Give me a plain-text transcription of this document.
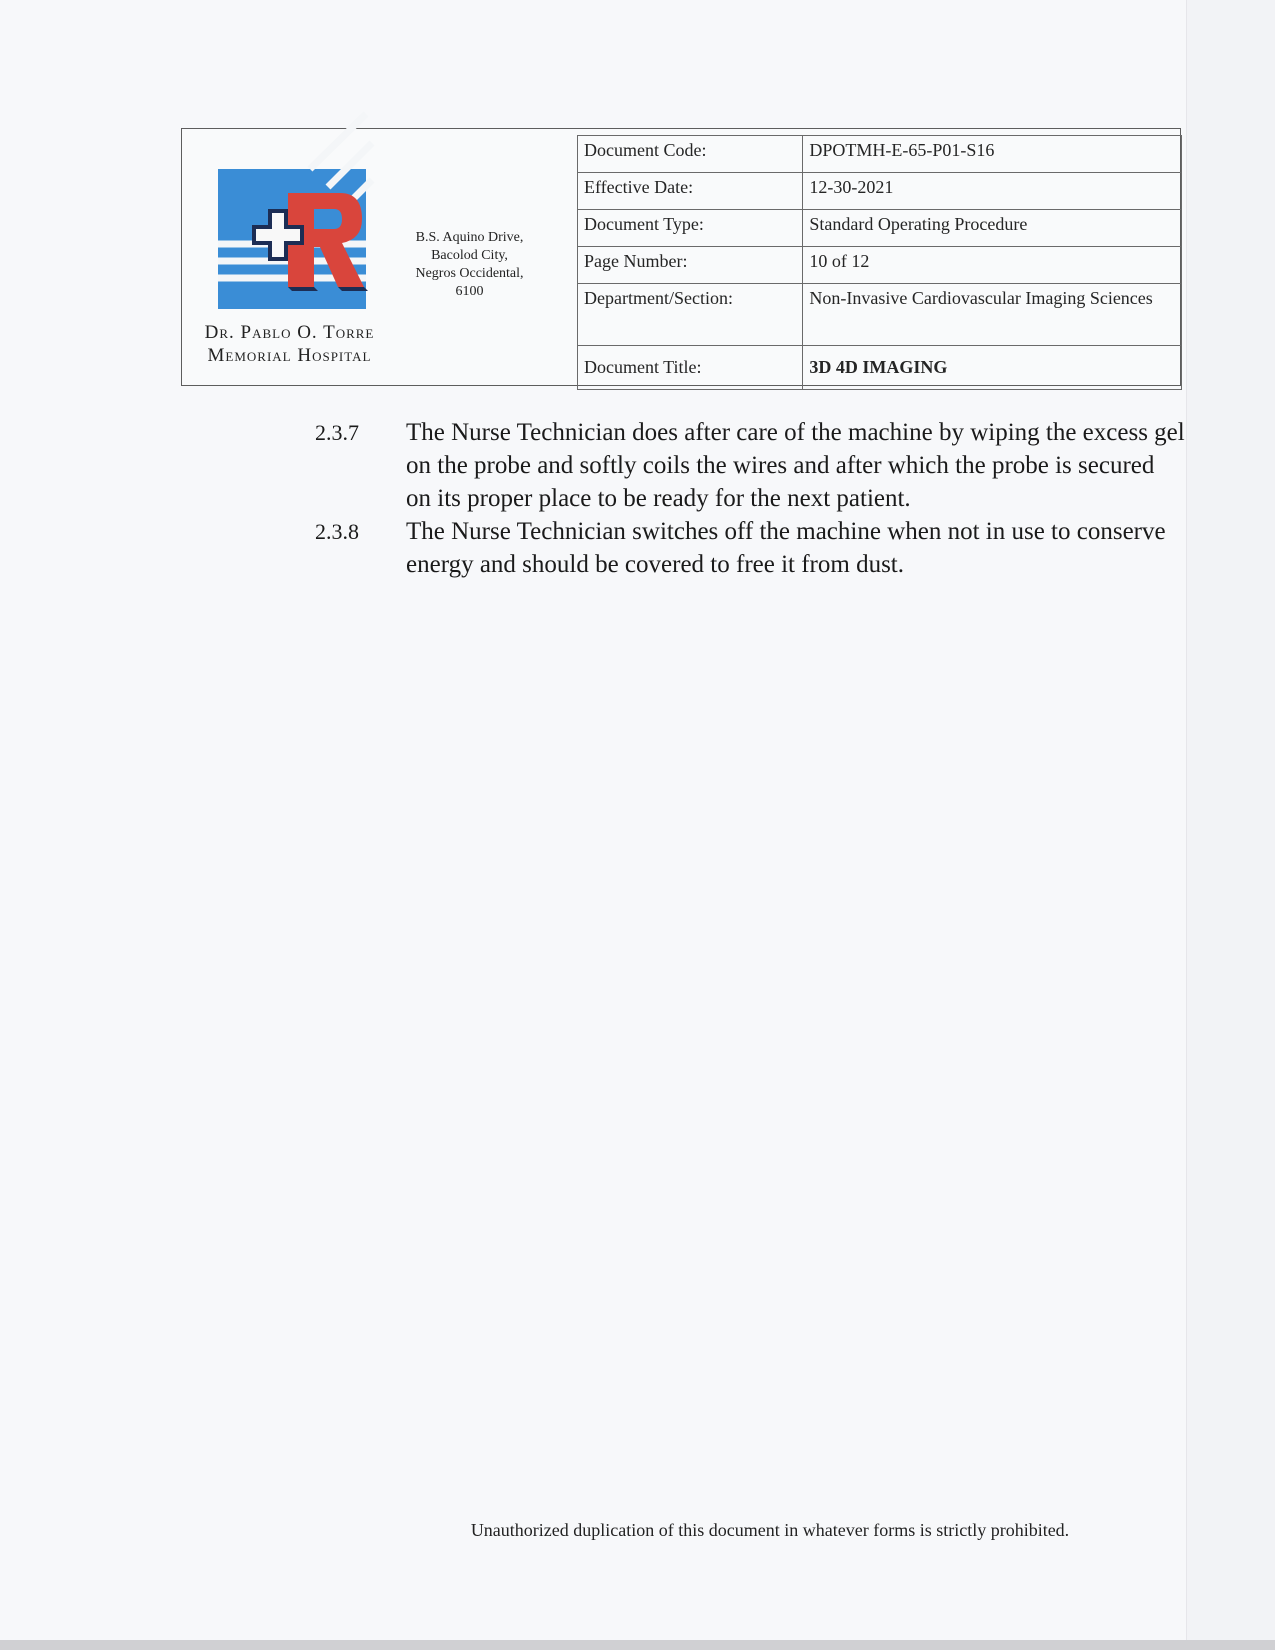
Dr. Pablo O. Torre
Memorial Hospital
B.S. Aquino Drive,
Bacolod City,
Negros Occidental,
6100
Document Code:	DPOTMH-E-65-P01-S16
Effective Date:	12-30-2021
Document Type:	Standard Operating Procedure
Page Number:	10 of 12
Department/Section:	Non-Invasive Cardiovascular Imaging Sciences
Document Title:	3D 4D IMAGING
2.3.7	The Nurse Technician does after care of the machine by wiping the excess gel on the probe and softly coils the wires and after which the probe is secured on its proper place to be ready for the next patient.
2.3.8	The Nurse Technician switches off the machine when not in use to conserve energy and should be covered to free it from dust.
Unauthorized duplication of this document in whatever forms is strictly prohibited.
